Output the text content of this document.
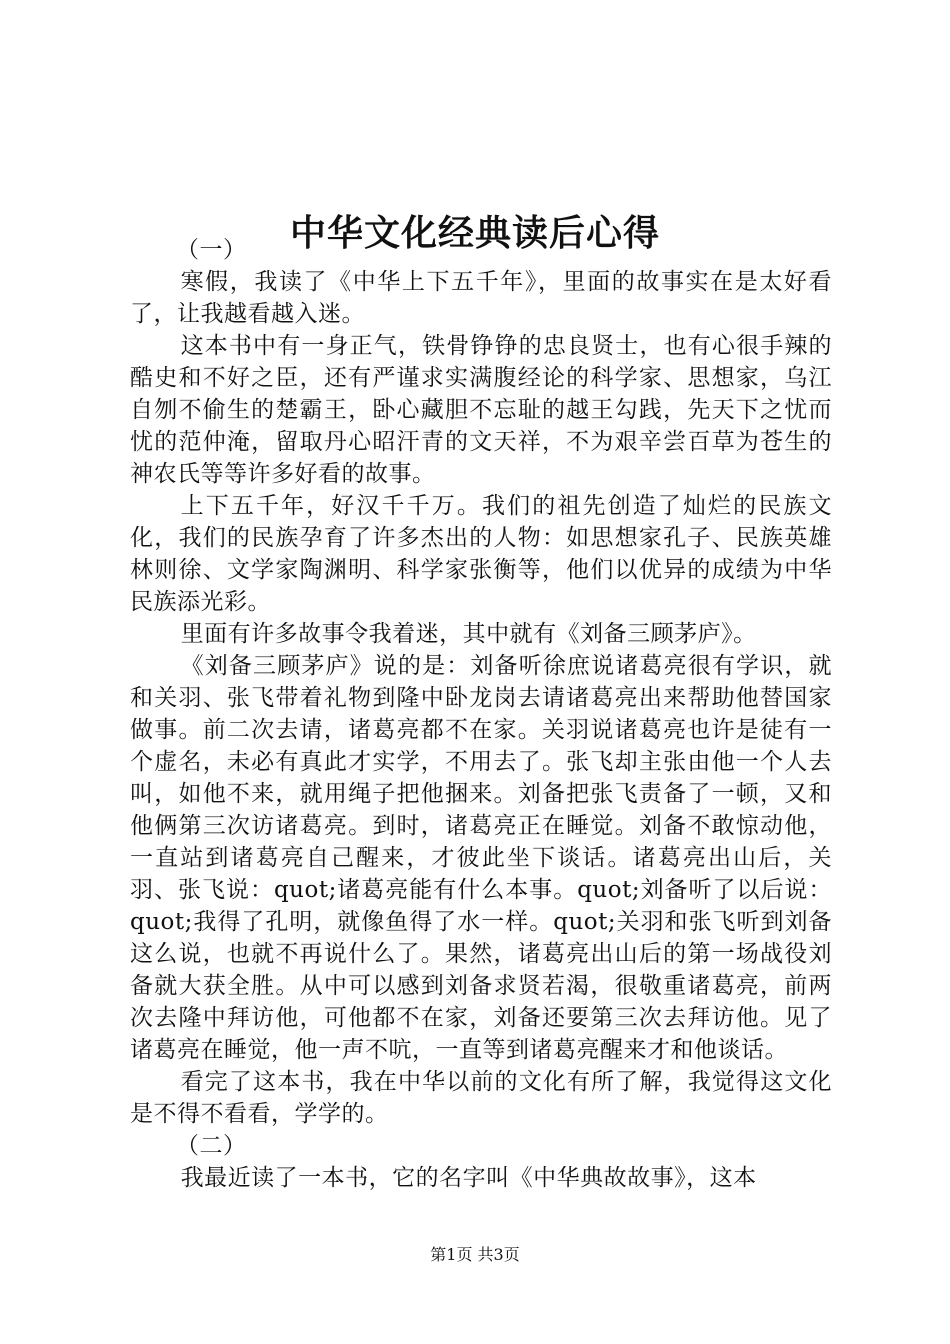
中华文化经典读后心得

（一）

寒假，我读了《中华上下五千年》，里面的故事实在是太好看了，让我越看越入迷。

这本书中有一身正气，铁骨铮铮的忠良贤士，也有心很手辣的酷史和不好之臣，还有严谨求实满腹经论的科学家、思想家，乌江自刎不偷生的楚霸王，卧心藏胆不忘耻的越王勾践，先天下之忧而忧的范仲淹，留取丹心昭汗青的文天祥，不为艰辛尝百草为苍生的神农氏等等许多好看的故事。

上下五千年，好汉千千万。我们的祖先创造了灿烂的民族文化，我们的民族孕育了许多杰出的人物：如思想家孔子、民族英雄林则徐、文学家陶渊明、科学家张衡等，他们以优异的成绩为中华民族添光彩。

里面有许多故事令我着迷，其中就有《刘备三顾茅庐》。

《刘备三顾茅庐》说的是：刘备听徐庶说诸葛亮很有学识，就和关羽、张飞带着礼物到隆中卧龙岗去请诸葛亮出来帮助他替国家做事。前二次去请，诸葛亮都不在家。关羽说诸葛亮也许是徒有一个虚名，未必有真此才实学，不用去了。张飞却主张由他一个人去叫，如他不来，就用绳子把他捆来。刘备把张飞责备了一顿，又和他俩第三次访诸葛亮。到时，诸葛亮正在睡觉。刘备不敢惊动他，一直站到诸葛亮自己醒来，才彼此坐下谈话。诸葛亮出山后，关羽、张飞说：quot;诸葛亮能有什么本事。quot;刘备听了以后说：quot;我得了孔明，就像鱼得了水一样。quot;关羽和张飞听到刘备这么说，也就不再说什么了。果然，诸葛亮出山后的第一场战役刘备就大获全胜。从中可以感到刘备求贤若渴，很敬重诸葛亮，前两次去隆中拜访他，可他都不在家，刘备还要第三次去拜访他。见了诸葛亮在睡觉，他一声不吭，一直等到诸葛亮醒来才和他谈话。

看完了这本书，我在中华以前的文化有所了解，我觉得这文化是不得不看看，学学的。

（二）

我最近读了一本书，它的名字叫《中华典故故事》，这本

第1页 共3页
